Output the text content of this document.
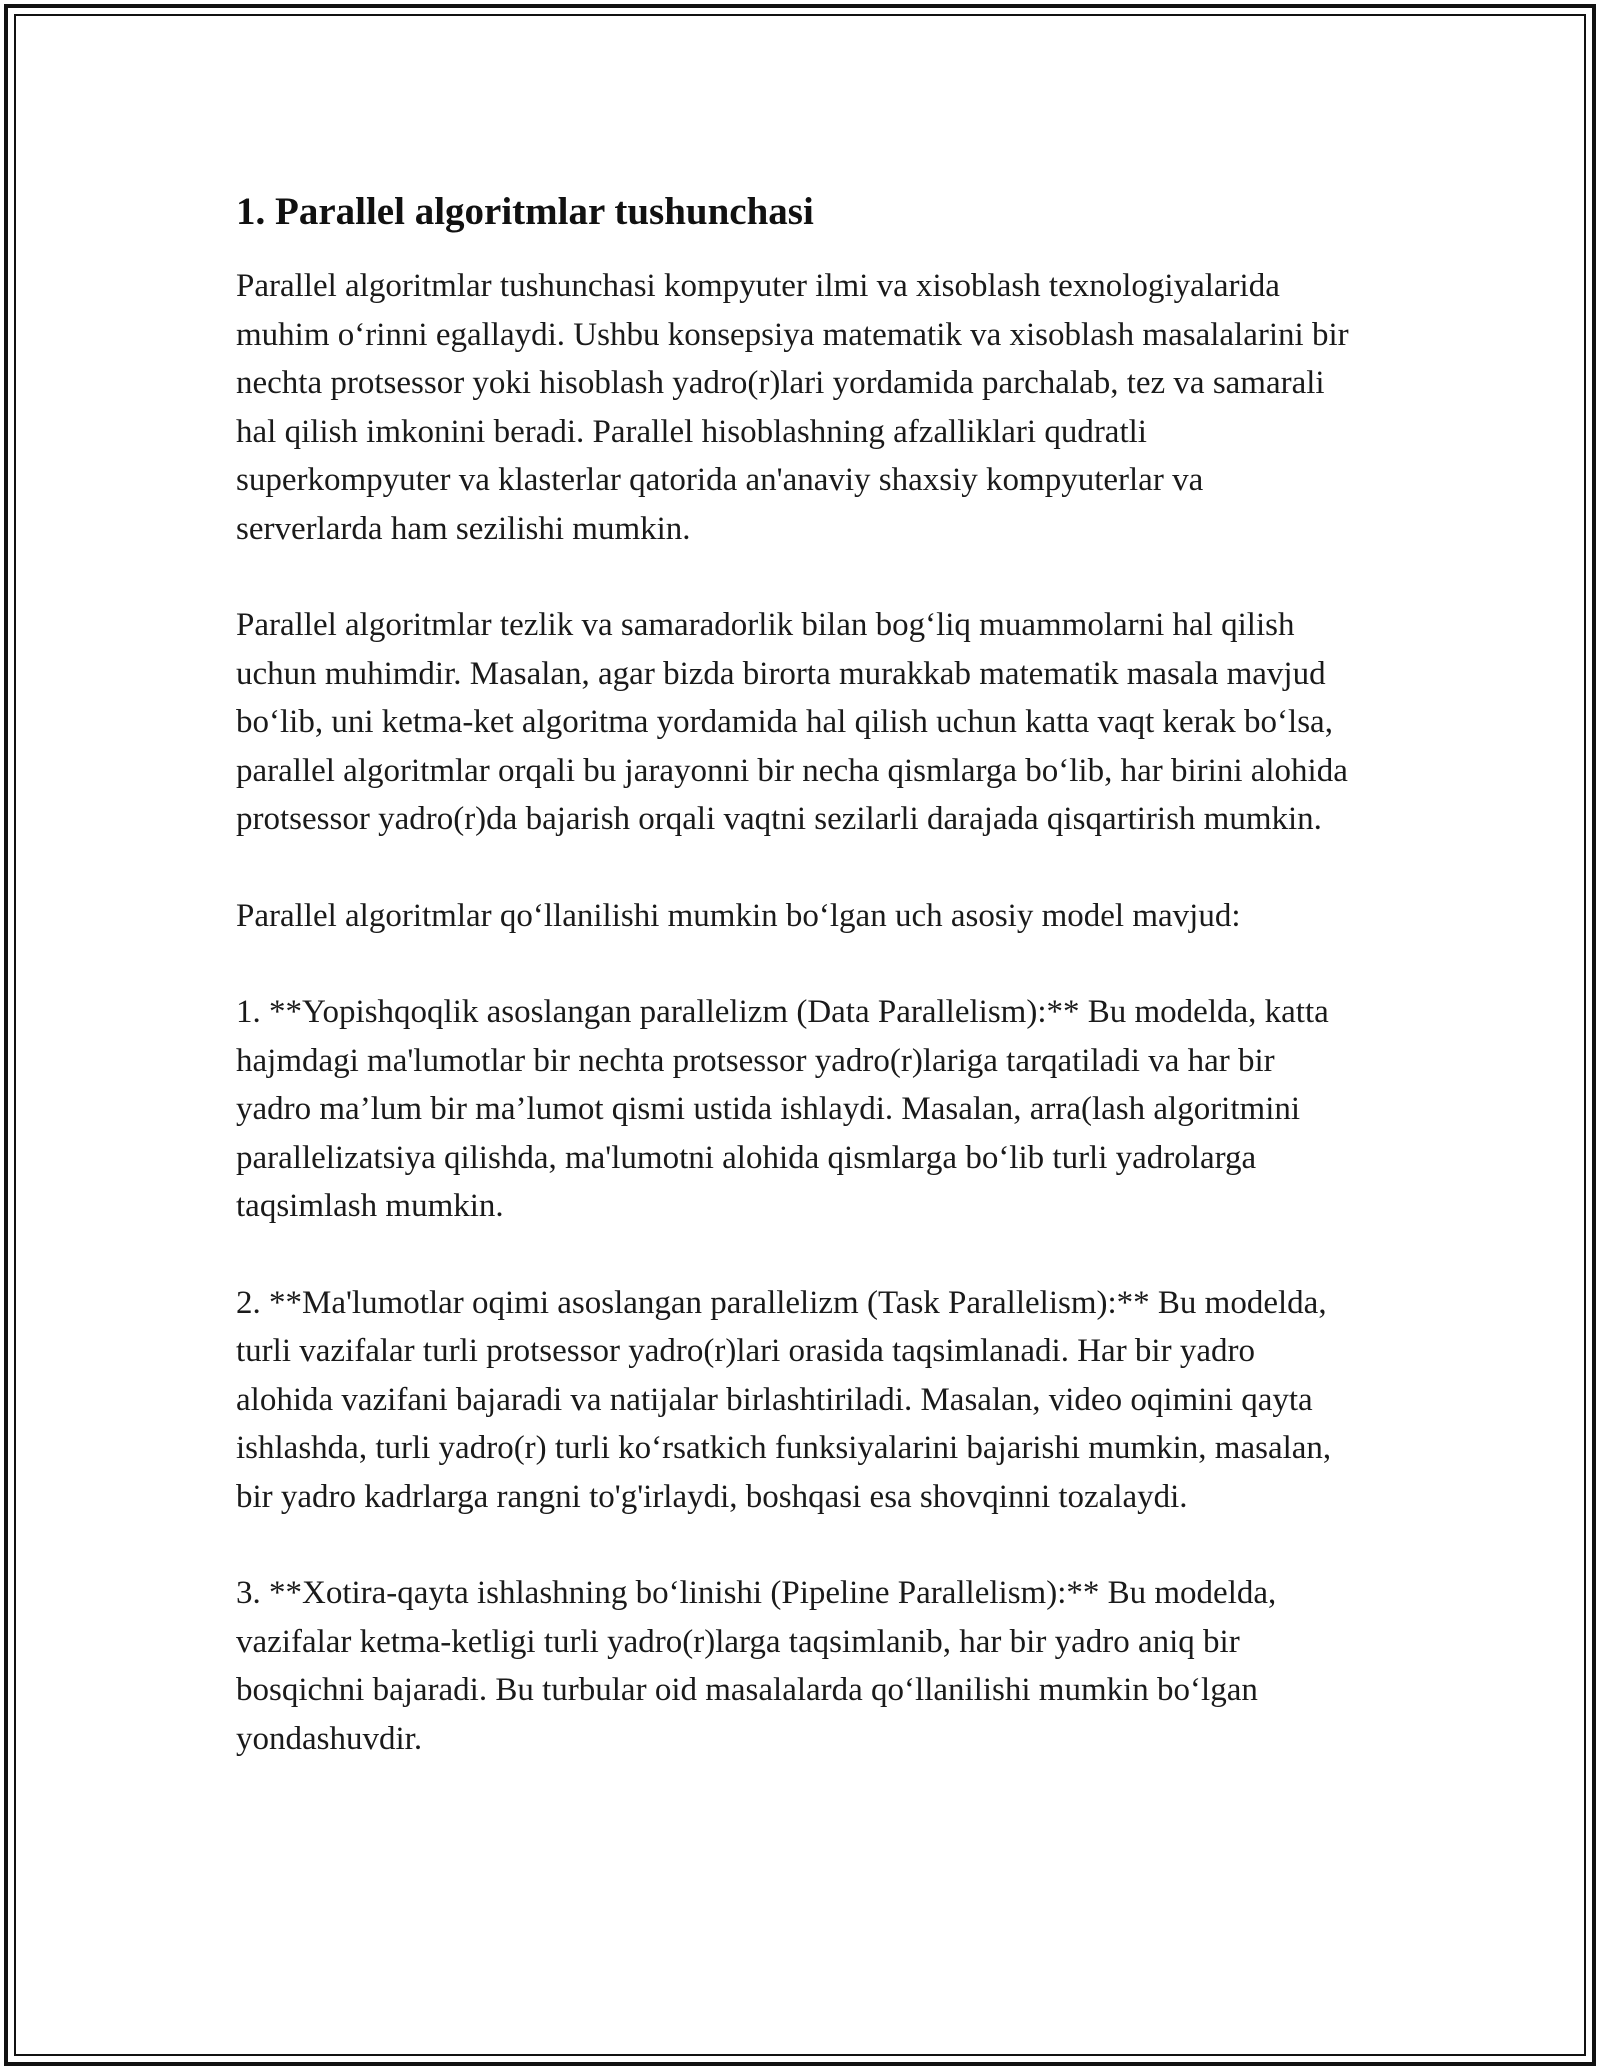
1. Parallel algoritmlar tushunchasi

Parallel algoritmlar tushunchasi kompyuter ilmi va xisoblash texnologiyalarida muhim o‘rinni egallaydi. Ushbu konsepsiya matematik va xisoblash masalalarini bir nechta protsessor yoki hisoblash yadro(r)lari yordamida parchalab, tez va samarali hal qilish imkonini beradi. Parallel hisoblashning afzalliklari qudratli superkompyuter va klasterlar qatorida an'anaviy shaxsiy kompyuterlar va serverlarda ham sezilishi mumkin.

Parallel algoritmlar tezlik va samaradorlik bilan bog‘liq muammolarni hal qilish uchun muhimdir. Masalan, agar bizda birorta murakkab matematik masala mavjud bo‘lib, uni ketma-ket algoritma yordamida hal qilish uchun katta vaqt kerak bo‘lsa, parallel algoritmlar orqali bu jarayonni bir necha qismlarga bo‘lib, har birini alohida protsessor yadro(r)da bajarish orqali vaqtni sezilarli darajada qisqartirish mumkin.

Parallel algoritmlar qo‘llanilishi mumkin bo‘lgan uch asosiy model mavjud:

1. **Yopishqoqlik asoslangan parallelizm (Data Parallelism):** Bu modelda, katta hajmdagi ma'lumotlar bir nechta protsessor yadro(r)lariga tarqatiladi va har bir yadro ma’lum bir ma’lumot qismi ustida ishlaydi. Masalan, arra(lash algoritmini parallelizatsiya qilishda, ma'lumotni alohida qismlarga bo‘lib turli yadrolarga taqsimlash mumkin.

2. **Ma'lumotlar oqimi asoslangan parallelizm (Task Parallelism):** Bu modelda, turli vazifalar turli protsessor yadro(r)lari orasida taqsimlanadi. Har bir yadro alohida vazifani bajaradi va natijalar birlashtiriladi. Masalan, video oqimini qayta ishlashda, turli yadro(r) turli ko‘rsatkich funksiyalarini bajarishi mumkin, masalan, bir yadro kadrlarga rangni to'g'irlaydi, boshqasi esa shovqinni tozalaydi.

3. **Xotira-qayta ishlashning bo‘linishi (Pipeline Parallelism):** Bu modelda, vazifalar ketma-ketligi turli yadro(r)larga taqsimlanib, har bir yadro aniq bir bosqichni bajaradi. Bu turbular oid masalalarda qo‘llanilishi mumkin bo‘lgan yondashuvdir.
